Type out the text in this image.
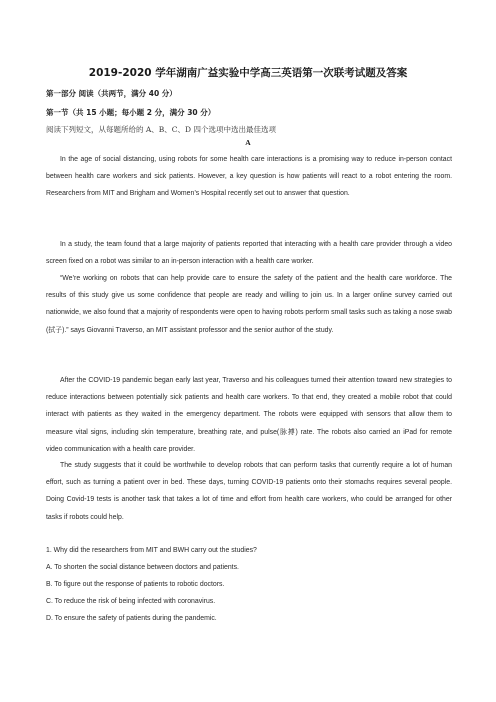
2019-2020 学年湖南广益实验中学高三英语第一次联考试题及答案
第一部分 阅读（共两节，满分 40 分）
第一节（共 15 小题；每小题 2 分，满分 30 分）
阅读下列短文，从每题所给的 A、B、C、D 四个选项中选出最佳选项
A

In the age of social distancing, using robots for some health care interactions is a promising way to reduce in-person contact between health care workers and sick patients. However, a key question is how patients will react to a robot entering the room. Researchers from MIT and Brigham and Women’s Hospital recently set out to answer that question.

In a study, the team found that a large majority of patients reported that interacting with a health care provider through a video screen fixed on a robot was similar to an in-person interaction with a health care worker.

“We’re working on robots that can help provide care to ensure the safety of the patient and the health care workforce. The results of this study give us some confidence that people are ready and willing to join us. In a larger online survey carried out nationwide, we also found that a majority of respondents were open to having robots perform small tasks such as taking a nose swab (拭子).” says Giovanni Traverso, an MIT assistant professor and the senior author of the study.

After the COVID-19 pandemic began early last year, Traverso and his colleagues turned their attention toward new strategies to reduce interactions between potentially sick patients and health care workers. To that end, they created a mobile robot that could interact with patients as they waited in the emergency department. The robots were equipped with sensors that allow them to measure vital signs, including skin temperature, breathing rate, and pulse(脉搏) rate. The robots also carried an iPad for remote video communication with a health care provider.

The study suggests that it could be worthwhile to develop robots that can perform tasks that currently require a lot of human effort, such as turning a patient over in bed. These days, turning COVID-19 patients onto their stomachs requires several people. Doing Covid-19 tests is another task that takes a lot of time and effort from health care workers, who could be arranged for other tasks if robots could help.

1. Why did the researchers from MIT and BWH carry out the studies?

A. To shorten the social distance between doctors and patients.

B. To figure out the response of patients to robotic doctors.

C. To reduce the risk of being infected with coronavirus.

D. To ensure the safety of patients during the pandemic.
